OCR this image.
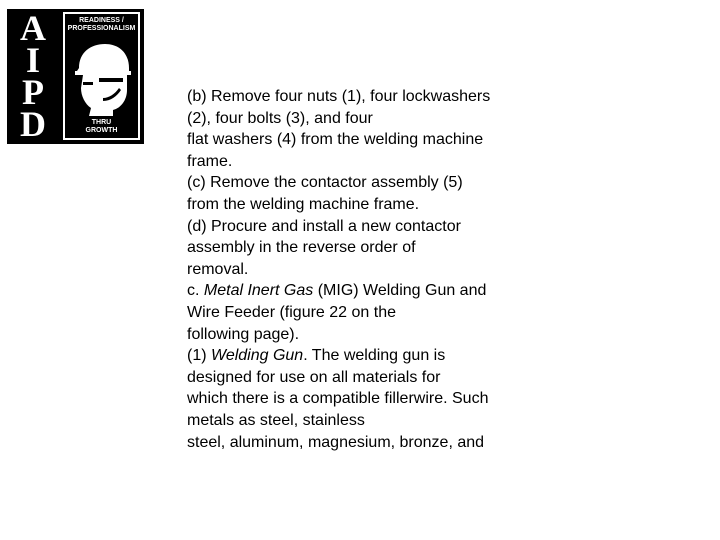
A
I
P
D
READINESS /
PROFESSIONALISM
THRU
GROWTH
(b) Remove four nuts (1), four lockwashers
(2), four bolts (3), and four
flat washers (4) from the welding machine
frame.
(c) Remove the contactor assembly (5)
from the welding machine frame.
(d) Procure and install a new contactor
assembly in the reverse order of
removal.
c. Metal Inert Gas (MIG) Welding Gun and
Wire Feeder (figure 22 on the
following page).
(1) Welding Gun. The welding gun is
designed for use on all materials for
which there is a compatible fillerwire. Such
metals as steel, stainless
steel, aluminum, magnesium, bronze, and
